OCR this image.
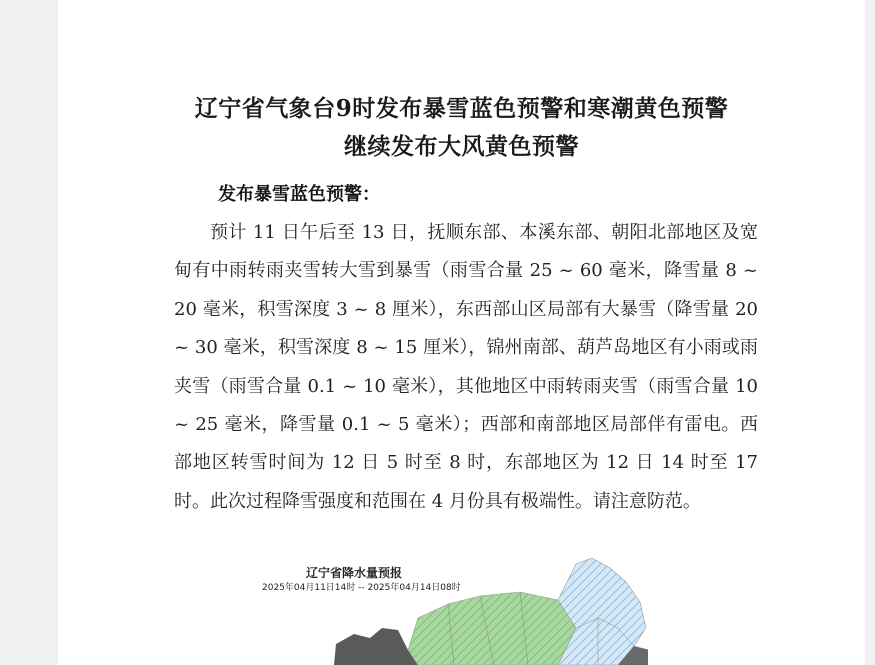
辽宁省气象台9时发布暴雪蓝色预警和寒潮黄色预警
继续发布大风黄色预警
发布暴雪蓝色预警：

预计 11 日午后至 13 日，抚顺东部、本溪东部、朝阳北部地区及宽甸有中雨转雨夹雪转大雪到暴雪（雨雪合量 25 ~ 60 毫米，降雪量 8 ~ 20 毫米，积雪深度 3 ~ 8 厘米），东西部山区局部有大暴雪（降雪量 20 ~ 30 毫米，积雪深度 8 ~ 15 厘米），锦州南部、葫芦岛地区有小雨或雨夹雪（雨雪合量 0.1 ~ 10 毫米），其他地区中雨转雨夹雪（雨雪合量 10 ~ 25 毫米，降雪量 0.1 ~ 5 毫米）；西部和南部地区局部伴有雷电。西部地区转雪时间为 12 日 5 时至 8 时，东部地区为 12 日 14 时至 17 时。此次过程降雪强度和范围在 4 月份具有极端性。请注意防范。

辽宁省降水量预报
2025年04月11日14时 -- 2025年04月14日08时
